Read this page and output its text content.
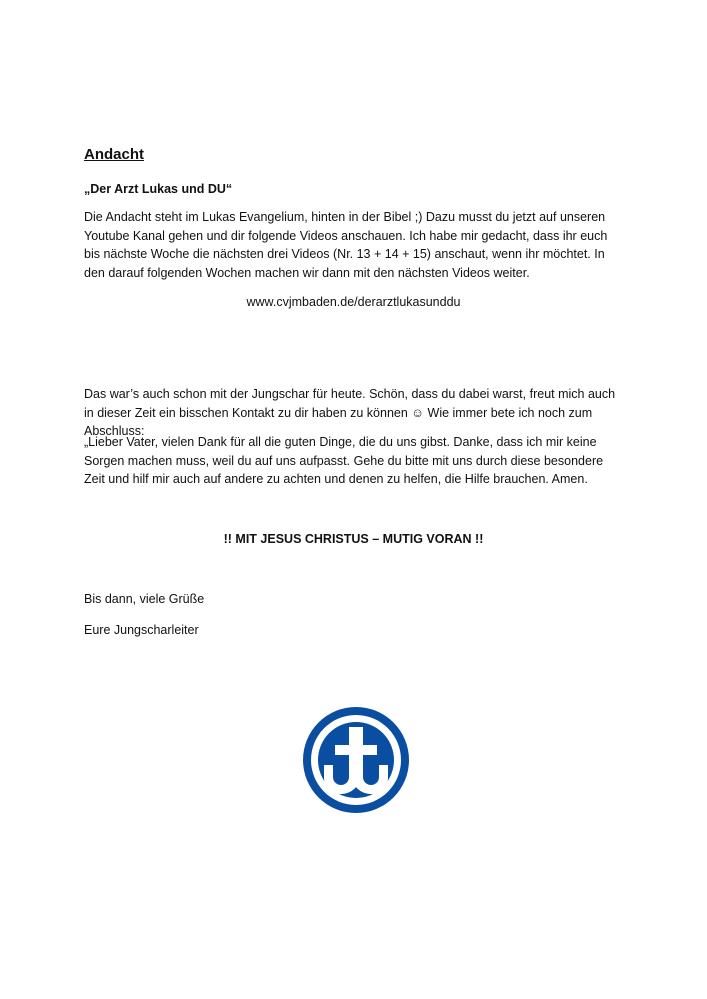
Andacht
„Der Arzt Lukas und DU“

Die Andacht steht im Lukas Evangelium, hinten in der Bibel ;) Dazu musst du jetzt auf unseren Youtube Kanal gehen und dir folgende Videos anschauen. Ich habe mir gedacht, dass ihr euch bis nächste Woche die nächsten drei Videos (Nr. 13 + 14 + 15) anschaut, wenn ihr möchtet. In den darauf folgenden Wochen machen wir dann mit den nächsten Videos weiter.

www.cvjmbaden.de/derarztlukasunddu

Das war’s auch schon mit der Jungschar für heute. Schön, dass du dabei warst, freut mich auch in dieser Zeit ein bisschen Kontakt zu dir haben zu können ☺ Wie immer bete ich noch zum Abschluss:

„Lieber Vater, vielen Dank für all die guten Dinge, die du uns gibst. Danke, dass ich mir keine Sorgen machen muss, weil du auf uns aufpasst. Gehe du bitte mit uns durch diese besondere Zeit und hilf mir auch auf andere zu achten und denen zu helfen, die Hilfe brauchen. Amen.

!! MIT JESUS CHRISTUS – MUTIG VORAN !!
Bis dann, viele Grüße
Eure Jungscharleiter
